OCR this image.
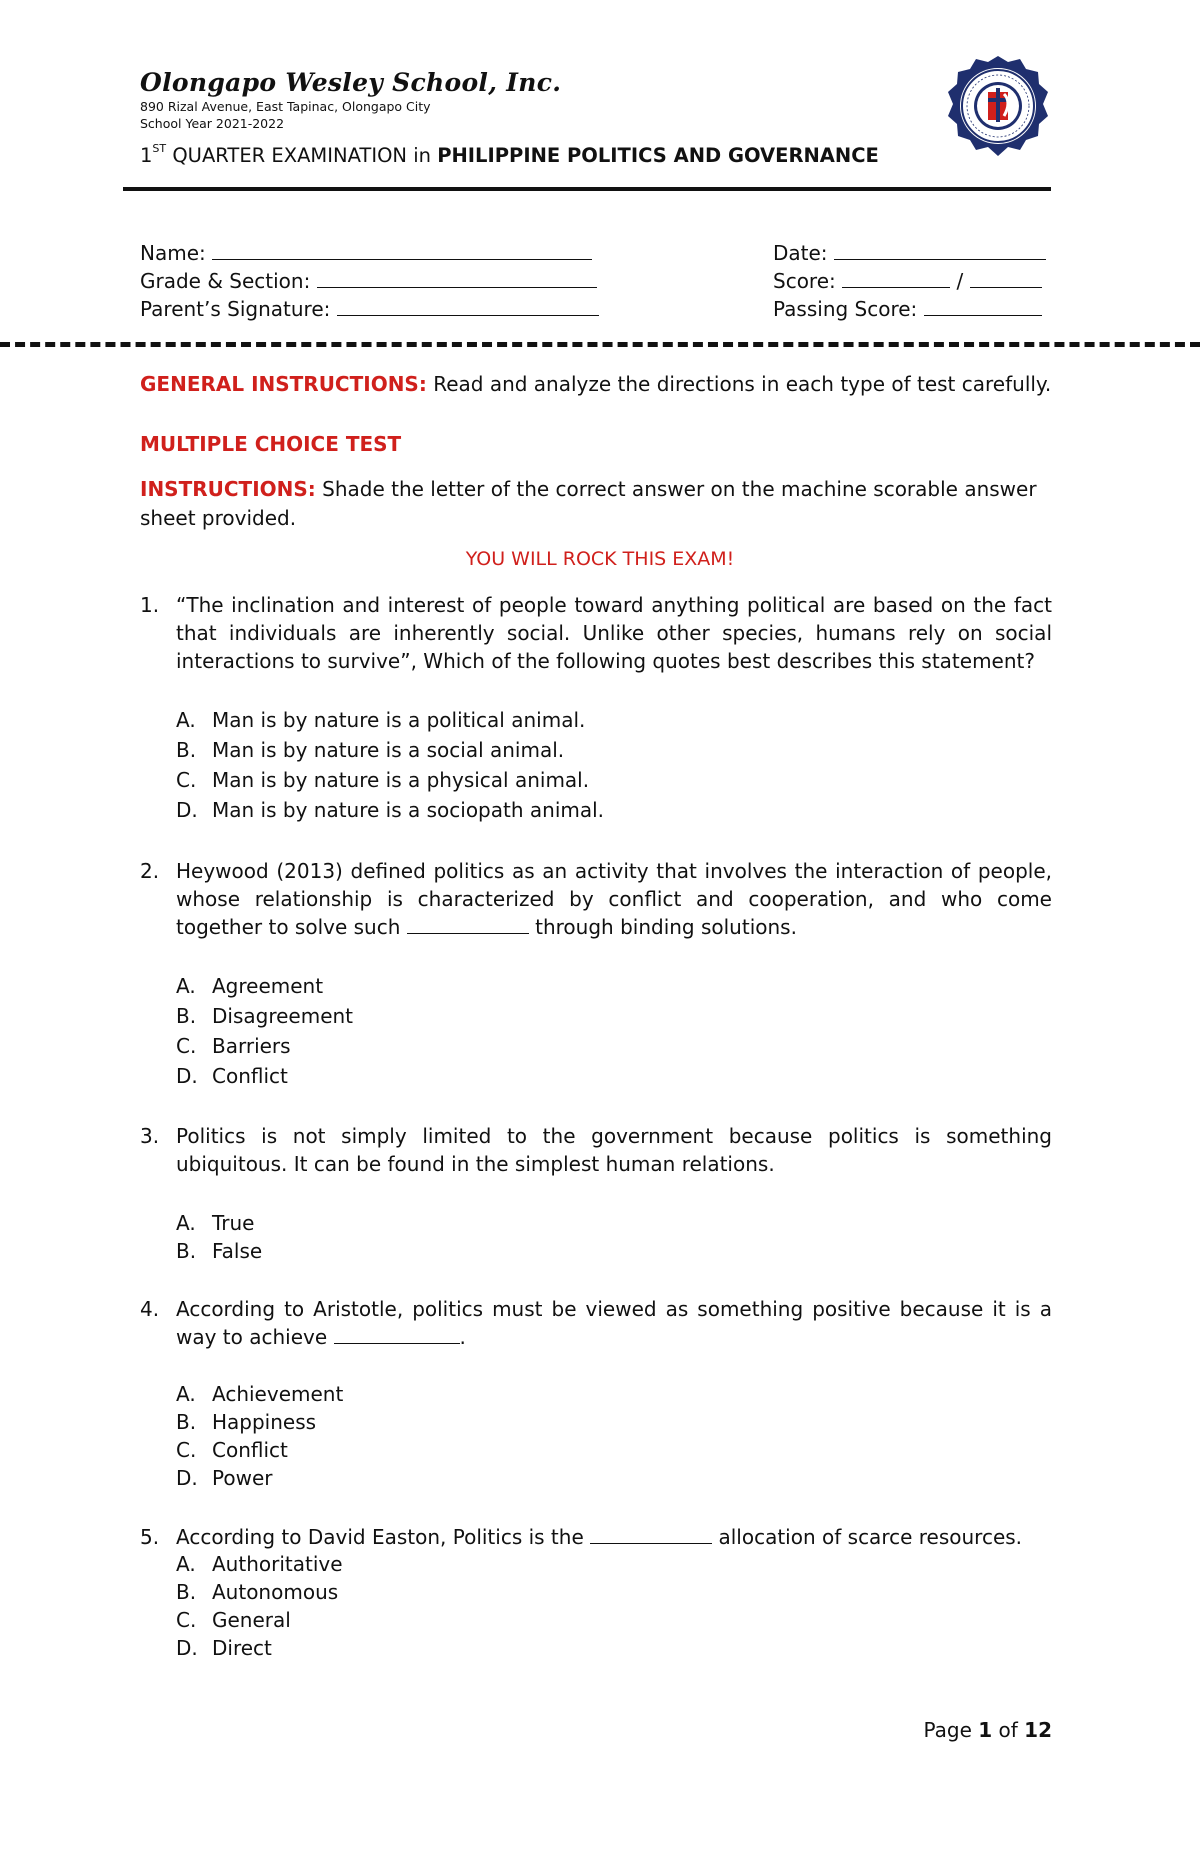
Olongapo Wesley School, Inc.
890 Rizal Avenue, East Tapinac, Olongapo City
School Year 2021-2022
1ST QUARTER EXAMINATION in PHILIPPINE POLITICS AND GOVERNANCE
Name:
Grade & Section:
Parent’s Signature:
Date:
Score:	/
Passing Score:
GENERAL INSTRUCTIONS: Read and analyze the directions in each type of test carefully.
MULTIPLE CHOICE TEST
INSTRUCTIONS: Shade the letter of the correct answer on the machine scorable answer sheet provided.
YOU WILL ROCK THIS EXAM!
1. “The inclination and interest of people toward anything political are based on the fact that individuals are inherently social. Unlike other species, humans rely on social interactions to survive”, Which of the following quotes best describes this statement?
A. Man is by nature is a political animal.
B. Man is by nature is a social animal.
C. Man is by nature is a physical animal.
D. Man is by nature is a sociopath animal.
2. Heywood (2013) defined politics as an activity that involves the interaction of people, whose relationship is characterized by conflict and cooperation, and who come together to solve such	through binding solutions.
A. Agreement
B. Disagreement
C. Barriers
D. Conflict
3. Politics is not simply limited to the government because politics is something ubiquitous. It can be found in the simplest human relations.
A. True
B. False
4. According to Aristotle, politics must be viewed as something positive because it is a way to achieve	.
A. Achievement
B. Happiness
C. Conflict
D. Power
5. According to David Easton, Politics is the	allocation of scarce resources.
A. Authoritative
B. Autonomous
C. General
D. Direct
Page 1 of 12
